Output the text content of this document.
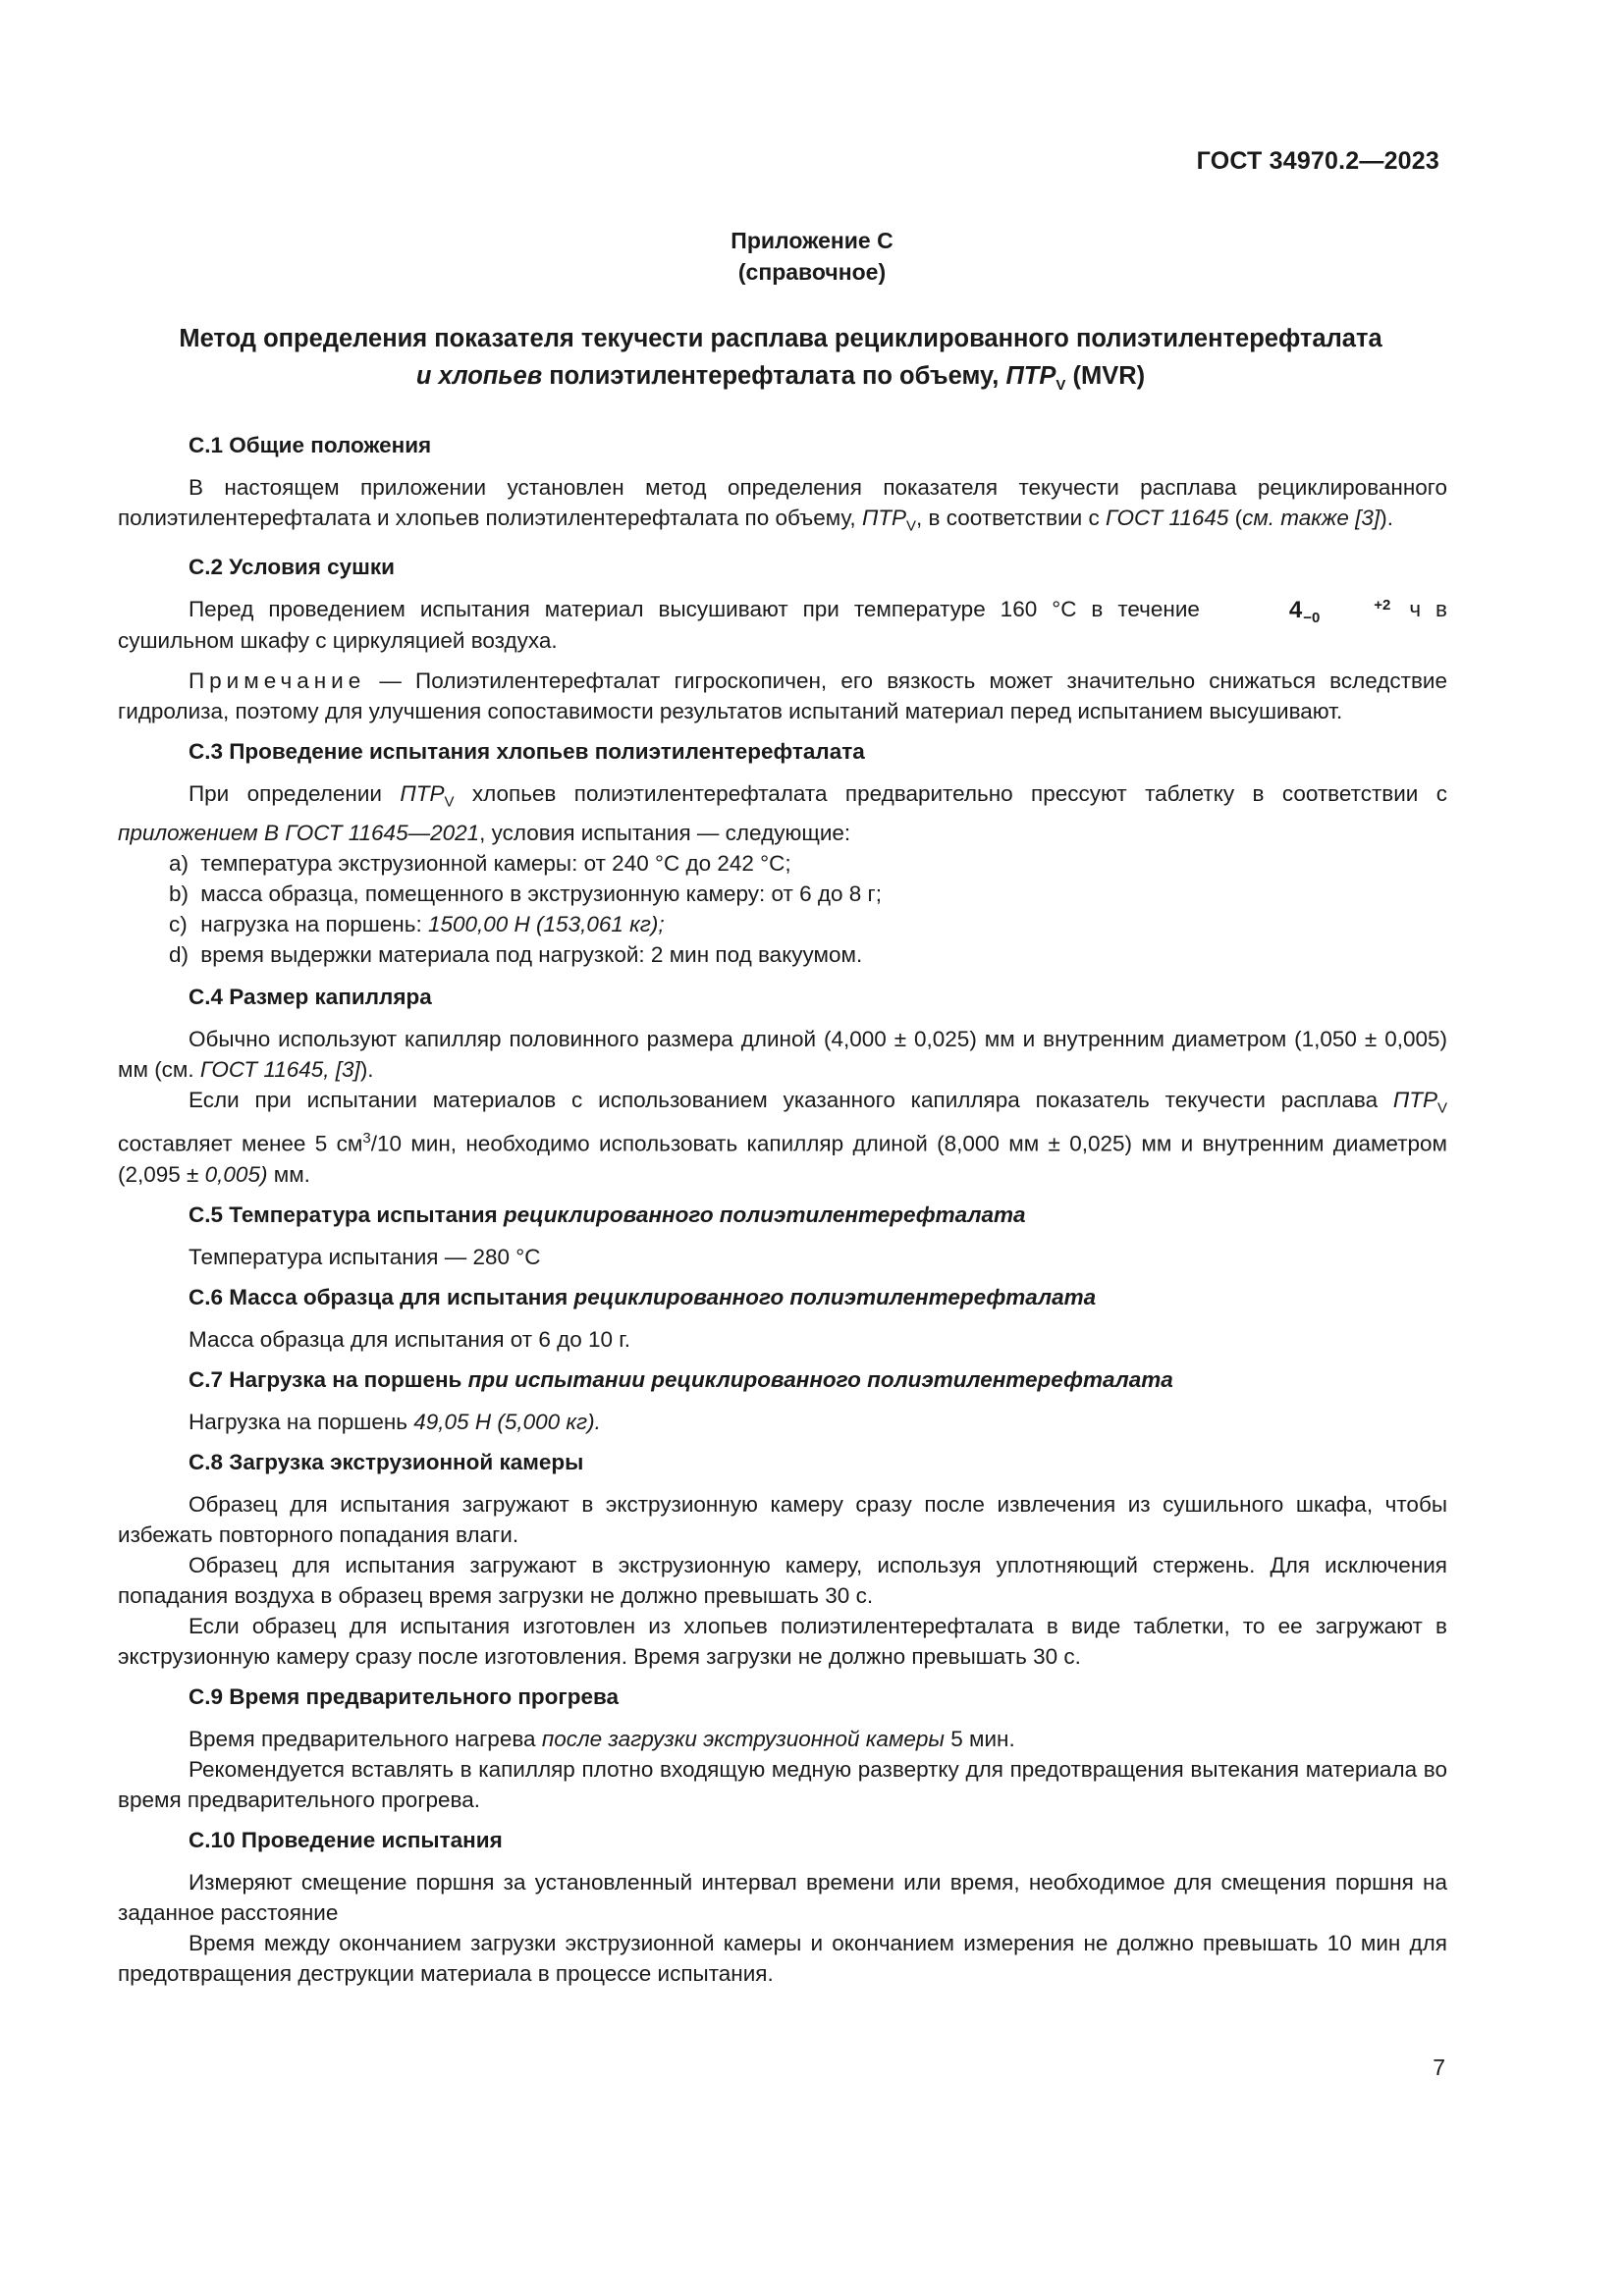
ГОСТ 34970.2—2023
Приложение С
(справочное)
Метод определения показателя текучести расплава рециклированного полиэтилентерефталата
и хлопьев полиэтилентерефталата по объему, $ПТР_V$ (MVR)
С.1 Общие положения
В настоящем приложении установлен метод определения показателя текучести расплава рециклированного полиэтилентерефталата и хлопьев полиэтилентерефталата по объему, $ПТР_V$, в соответствии с ГОСТ 11645 (см. также [3]).
С.2 Условия сушки
Перед проведением испытания материал высушивают при температуре 160 °С в течение	4	+2
−0	ч в сушильном шкафу с циркуляцией воздуха.
Примечание — Полиэтилентерефталат гигроскопичен, его вязкость может значительно снижаться вследствие гидролиза, поэтому для улучшения сопоставимости результатов испытаний материал перед испытанием высушивают.
С.3 Проведение испытания хлопьев полиэтилентерефталата
При определении $ПТР_V$ хлопьев полиэтилентерефталата предварительно прессуют таблетку в соответствии с приложением В ГОСТ 11645—2021, условия испытания — следующие:
a) температура экструзионной камеры: от 240 °С до 242 °С;
b) масса образца, помещенного в экструзионную камеру: от 6 до 8 г;
c) нагрузка на поршень: 1500,00 Н (153,061 кг);
d) время выдержки материала под нагрузкой: 2 мин под вакуумом.
С.4 Размер капилляра
Обычно используют капилляр половинного размера длиной (4,000 ± 0,025) мм и внутренним диаметром (1,050 ± 0,005) мм (см. ГОСТ 11645, [3]).
Если при испытании материалов с использованием указанного капилляра показатель текучести расплава $ПТР_V$ составляет менее 5 $см^3/10$ мин, необходимо использовать капилляр длиной (8,000 мм ± 0,025) мм и внутренним диаметром (2,095 ± 0,005) мм.
С.5 Температура испытания рециклированного полиэтилентерефталата
Температура испытания — 280 °С
С.6 Масса образца для испытания рециклированного полиэтилентерефталата
Масса образца для испытания от 6 до 10 г.
С.7 Нагрузка на поршень при испытании рециклированного полиэтилентерефталата
Нагрузка на поршень 49,05 Н (5,000 кг).
С.8 Загрузка экструзионной камеры
Образец для испытания загружают в экструзионную камеру сразу после извлечения из сушильного шкафа, чтобы избежать повторного попадания влаги.
Образец для испытания загружают в экструзионную камеру, используя уплотняющий стержень. Для исключения попадания воздуха в образец время загрузки не должно превышать 30 с.
Если образец для испытания изготовлен из хлопьев полиэтилентерефталата в виде таблетки, то ее загружают в экструзионную камеру сразу после изготовления. Время загрузки не должно превышать 30 с.
С.9 Время предварительного прогрева
Время предварительного нагрева после загрузки экструзионной камеры 5 мин.
Рекомендуется вставлять в капилляр плотно входящую медную развертку для предотвращения вытекания материала во время предварительного прогрева.
С.10 Проведение испытания
Измеряют смещение поршня за установленный интервал времени или время, необходимое для смещения поршня на заданное расстояние
Время между окончанием загрузки экструзионной камеры и окончанием измерения не должно превышать 10 мин для предотвращения деструкции материала в процессе испытания.
7
